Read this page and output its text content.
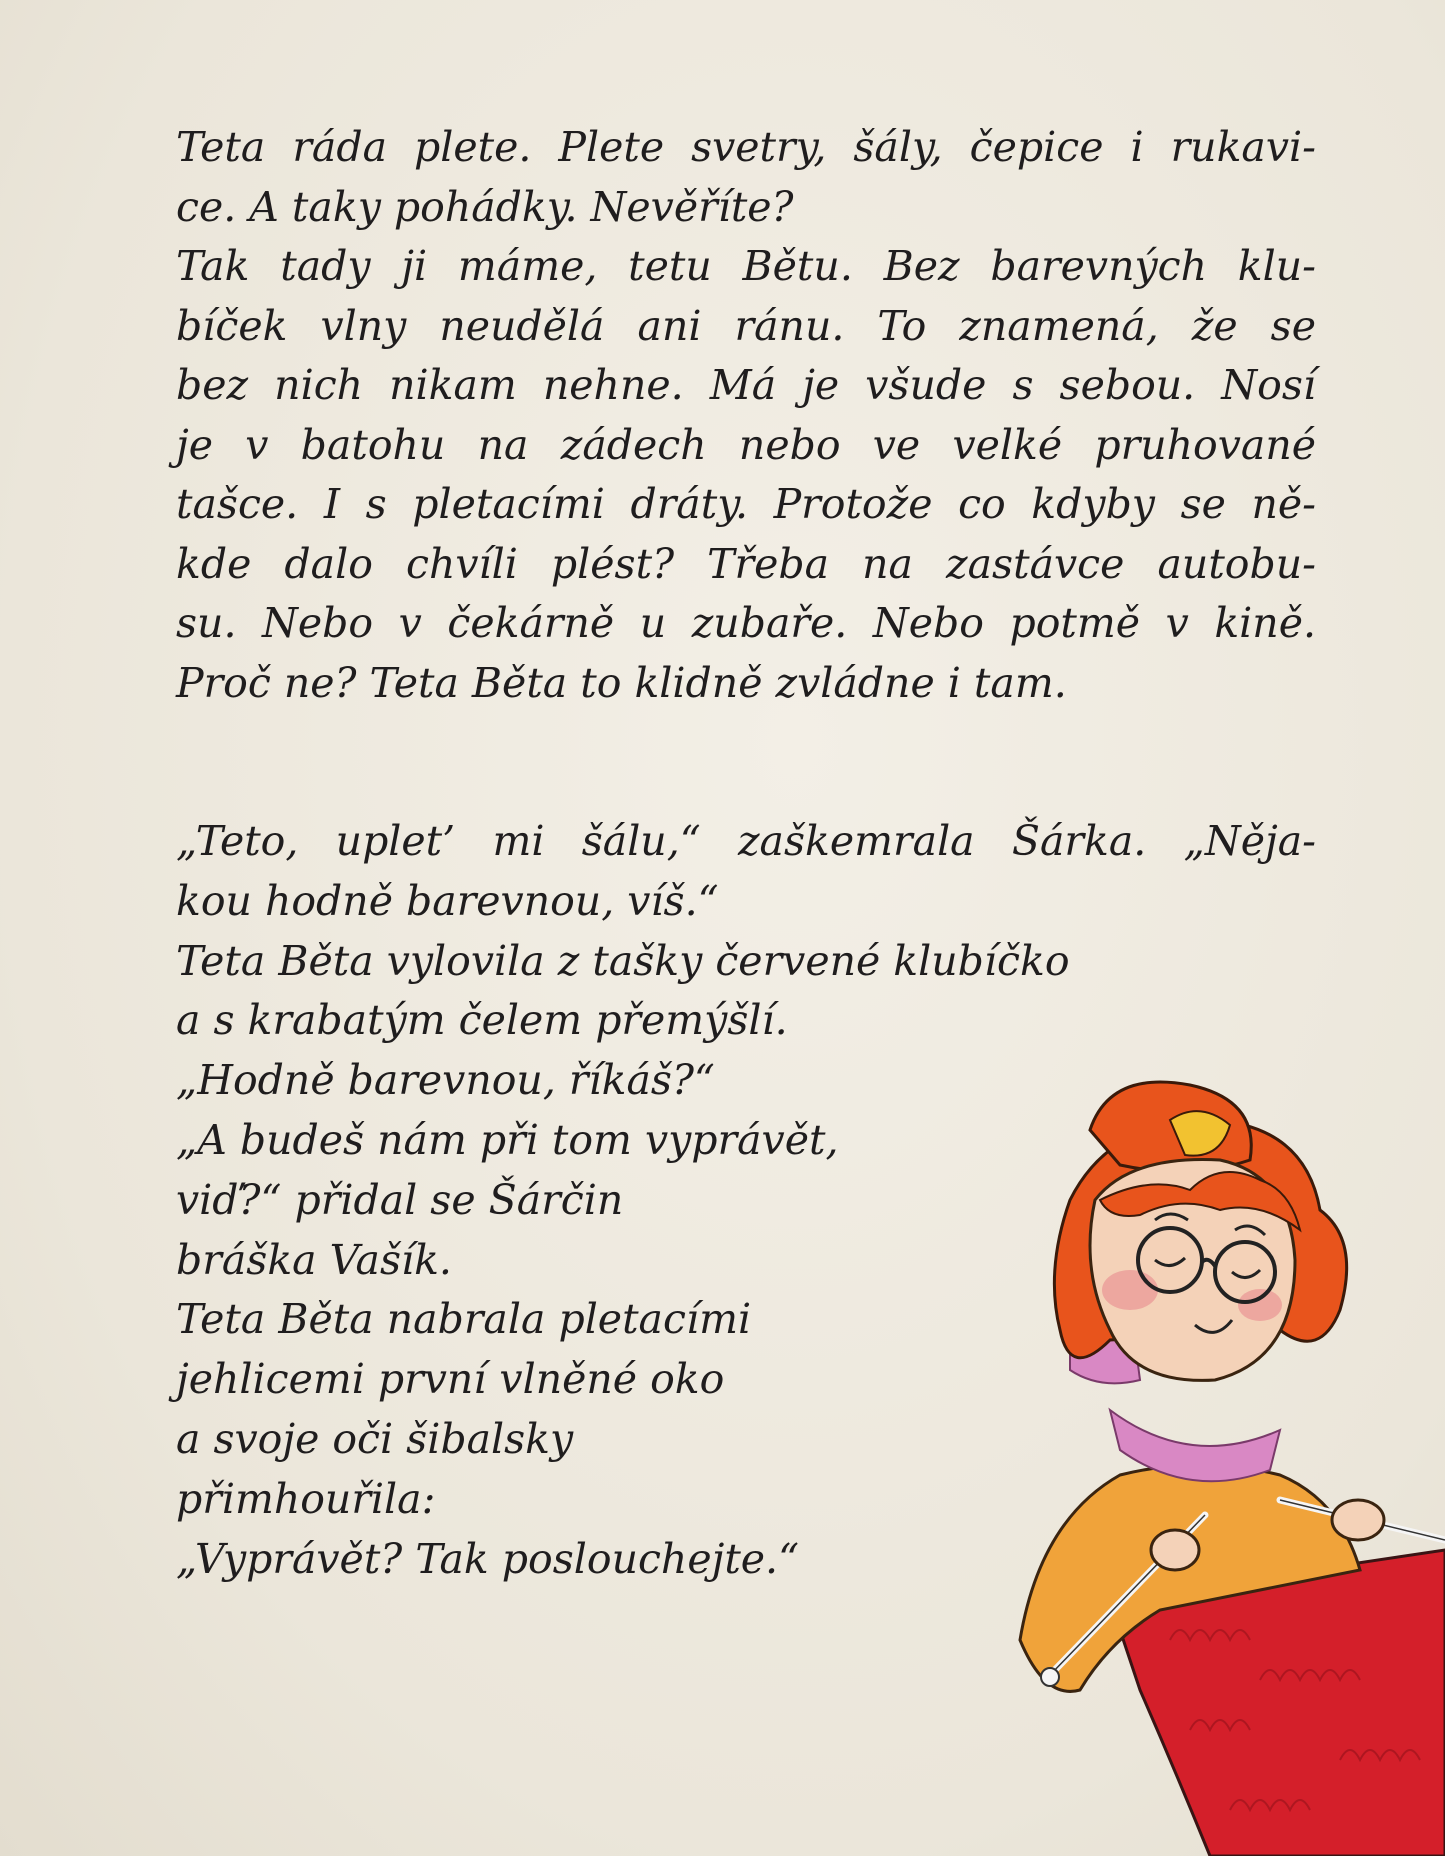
Teta ráda plete. Plete svetry, šály, čepice i rukavi-
ce. A taky pohádky. Nevěříte?
Tak tady ji máme, tetu Bětu. Bez barevných klu-
bíček vlny neudělá ani ránu. To znamená, že se
bez nich nikam nehne. Má je všude s sebou. Nosí
je v batohu na zádech nebo ve velké pruhované
tašce. I s pletacími dráty. Protože co kdyby se ně-
kde dalo chvíli plést? Třeba na zastávce autobu-
su. Nebo v čekárně u zubaře. Nebo potmě v kině.
Proč ne? Teta Běta to klidně zvládne i tam.

„Teto, uplet’ mi šálu,“ zaškemrala Šárka. „Něja-
kou hodně barevnou, víš.“
Teta Běta vylovila z tašky červené klubíčko
a s krabatým čelem přemýšlí.
„Hodně barevnou, říkáš?“
„A budeš nám při tom vyprávět,
viď?“ přidal se Šárčin
bráška Vašík.
Teta Běta nabrala pletacími
jehlicemi první vlněné oko
a svoje oči šibalsky
přimhouřila:
„Vyprávět? Tak poslouchejte.“
